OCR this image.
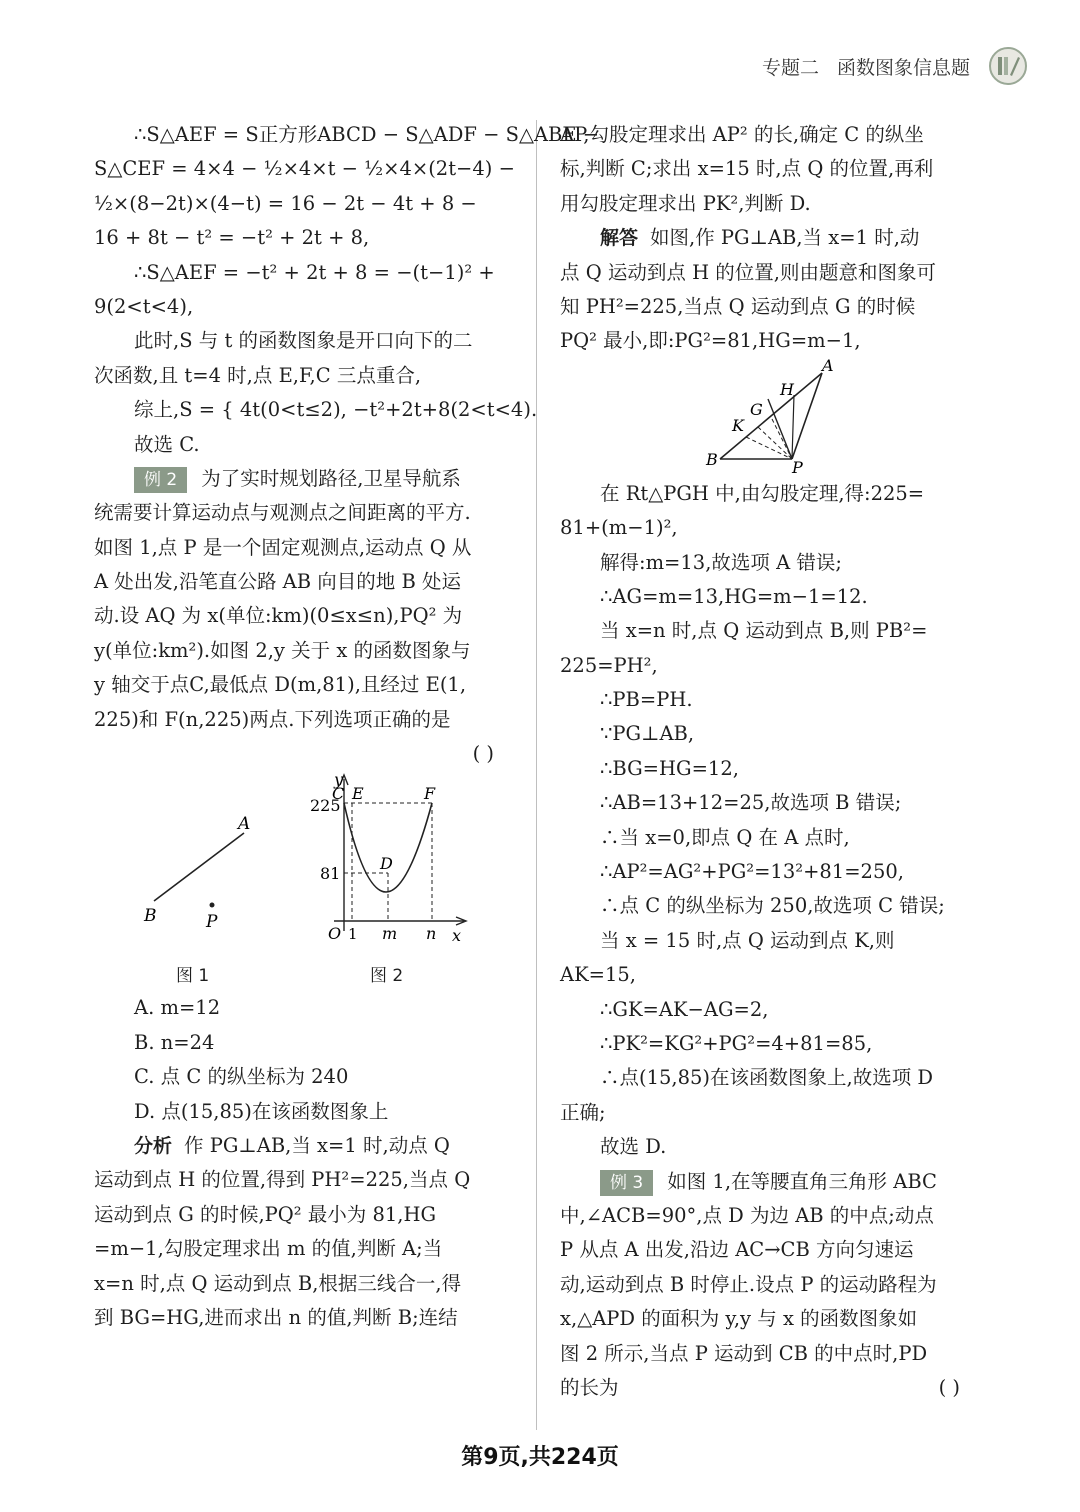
专题二 函数图象信息题
∴S△AEF = S正方形ABCD − S△ADF − S△ABE −
S△CEF = 4×4 − ½×4×t − ½×4×(2t−4) −
½×(8−2t)×(4−t) = 16 − 2t − 4t + 8 −
16 + 8t − t² = −t² + 2t + 8,
∴S△AEF = −t² + 2t + 8 = −(t−1)² +
9(2<t<4),
此时,S 与 t 的函数图象是开口向下的二
次函数,且 t=4 时,点 E,F,C 三点重合,
综上,S = { 4t(0<t≤2), −t²+2t+8(2<t<4).
故选 C.
例 2 为了实时规划路径,卫星导航系
统需要计算运动点与观测点之间距离的平方.
如图 1,点 P 是一个固定观测点,运动点 Q 从
A 处出发,沿笔直公路 AB 向目的地 B 处运
动.设 AQ 为 x(单位:km)(0≤x≤n),PQ² 为
y(单位:km²).如图 2,y 关于 x 的函数图象与
y 轴交于点C,最低点 D(m,81),且经过 E(1,
225)和 F(n,225)两点.下列选项正确的是
( )
B
A
P
图 1
y
C E	F
225
D
81
O 1 m n x
图 2
A. m=12
B. n=24
C. 点 C 的纵坐标为 240
D. 点(15,85)在该函数图象上
分析 作 PG⊥AB,当 x=1 时,动点 Q
运动到点 H 的位置,得到 PH²=225,当点 Q
运动到点 G 的时候,PQ² 最小为 81,HG
=m−1,勾股定理求出 m 的值,判断 A;当
x=n 时,点 Q 运动到点 B,根据三线合一,得
到 BG=HG,进而求出 n 的值,判断 B;连结
AP,勾股定理求出 AP² 的长,确定 C 的纵坐
标,判断 C;求出 x=15 时,点 Q 的位置,再利
用勾股定理求出 PK²,判断 D.
解答 如图,作 PG⊥AB,当 x=1 时,动
点 Q 运动到点 H 的位置,则由题意和图象可
知 PH²=225,当点 Q 运动到点 G 的时候
PQ² 最小,即:PG²=81,HG=m−1,
A
H
G
K
B	P
在 Rt△PGH 中,由勾股定理,得:225=
81+(m−1)²,
解得:m=13,故选项 A 错误;
∴AG=m=13,HG=m−1=12.
当 x=n 时,点 Q 运动到点 B,则 PB²=
225=PH²,
∴PB=PH.
∵PG⊥AB,
∴BG=HG=12,
∴AB=13+12=25,故选项 B 错误;
∴当 x=0,即点 Q 在 A 点时,
∴AP²=AG²+PG²=13²+81=250,
∴点 C 的纵坐标为 250,故选项 C 错误;
当 x = 15 时,点 Q 运动到点 K,则
AK=15,
∴GK=AK−AG=2,
∴PK²=KG²+PG²=4+81=85,
∴点(15,85)在该函数图象上,故选项 D
正确;
故选 D.
例 3 如图 1,在等腰直角三角形 ABC
中,∠ACB=90°,点 D 为边 AB 的中点;动点
P 从点 A 出发,沿边 AC→CB 方向匀速运
动,运动到点 B 时停止.设点 P 的运动路程为
x,△APD 的面积为 y,y 与 x 的函数图象如
图 2 所示,当点 P 运动到 CB 的中点时,PD
的长为	( )
第9页,共224页
